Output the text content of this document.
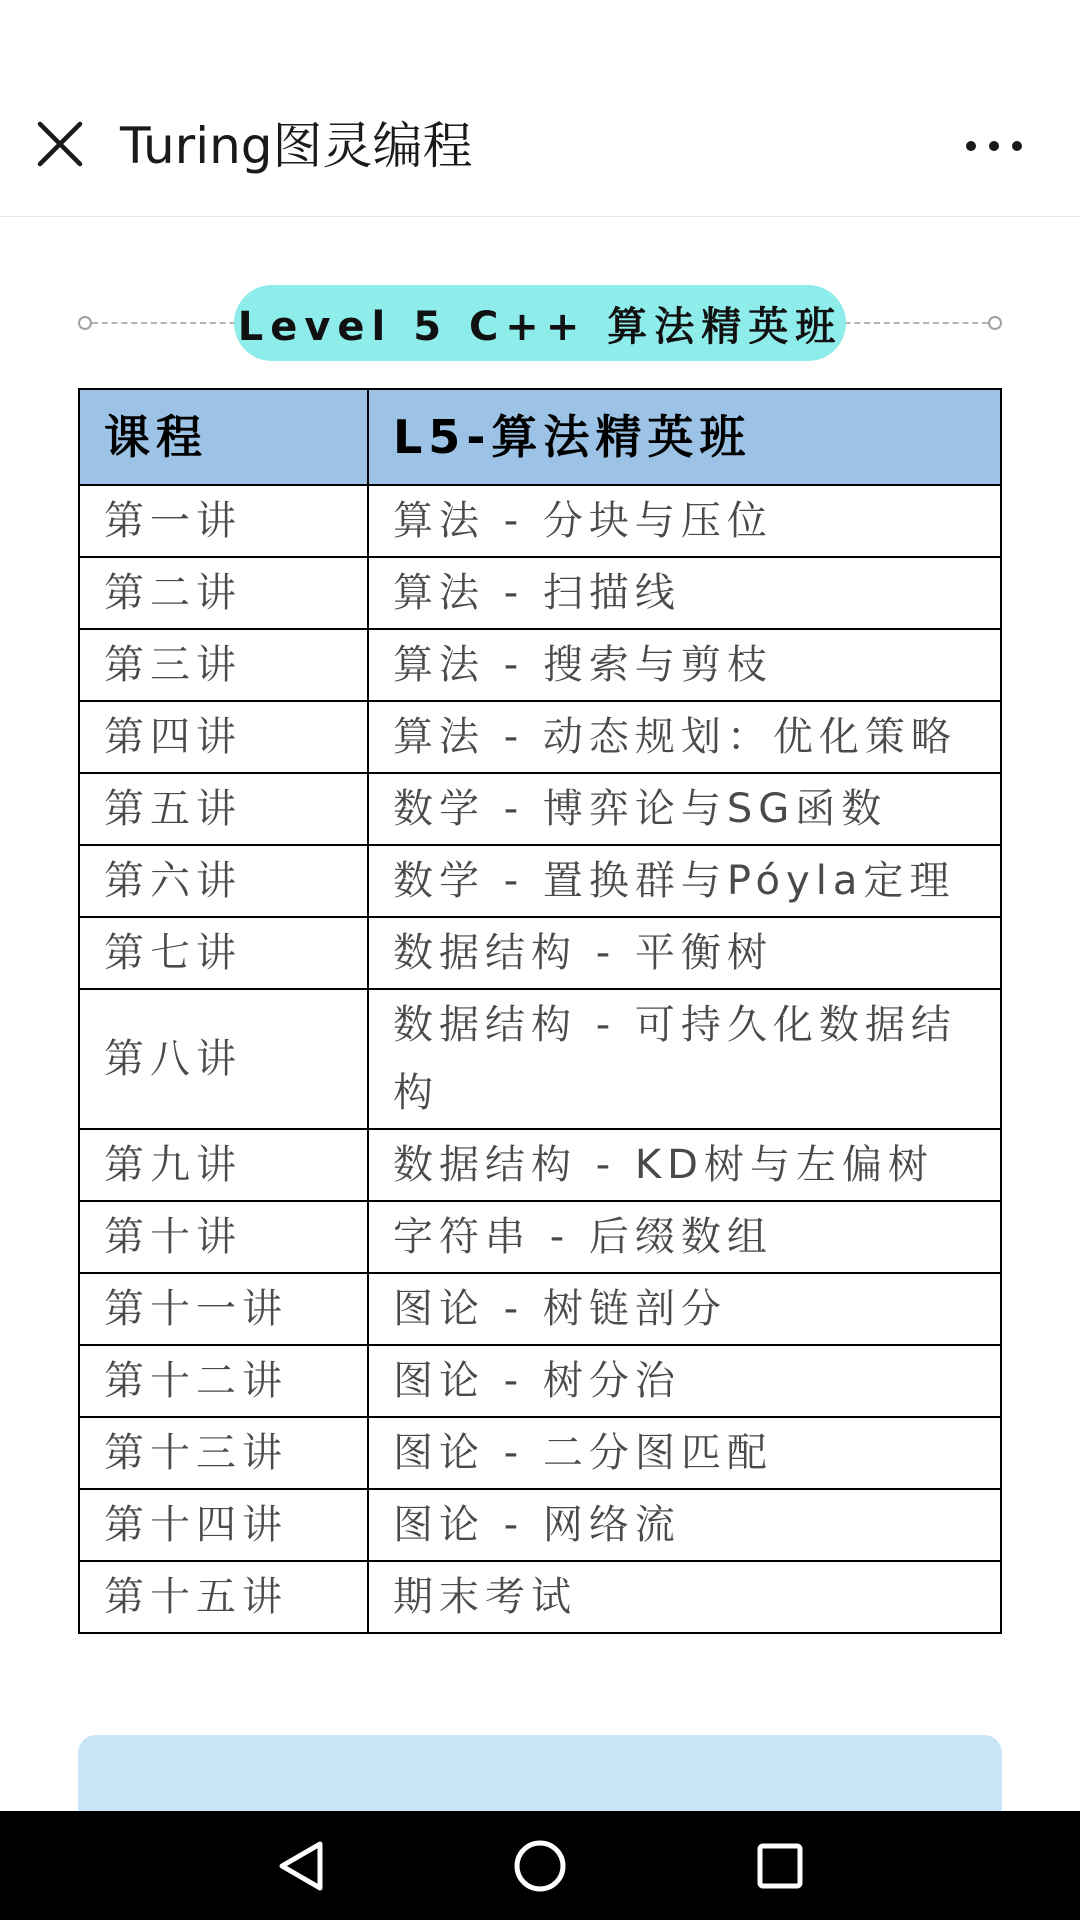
Turing图灵编程
Level 5 C++ 算法精英班
课程	L5-算法精英班
第一讲	算法 - 分块与压位
第二讲	算法 - 扫描线
第三讲	算法 - 搜索与剪枝
第四讲	算法 - 动态规划：优化策略
第五讲	数学 - 博弈论与SG函数
第六讲	数学 - 置换群与Póyla定理
第七讲	数据结构 - 平衡树
第八讲	数据结构 - 可持久化数据结构
第九讲	数据结构 - KD树与左偏树
第十讲	字符串 - 后缀数组
第十一讲	图论 - 树链剖分
第十二讲	图论 - 树分治
第十三讲	图论 - 二分图匹配
第十四讲	图论 - 网络流
第十五讲	期末考试
